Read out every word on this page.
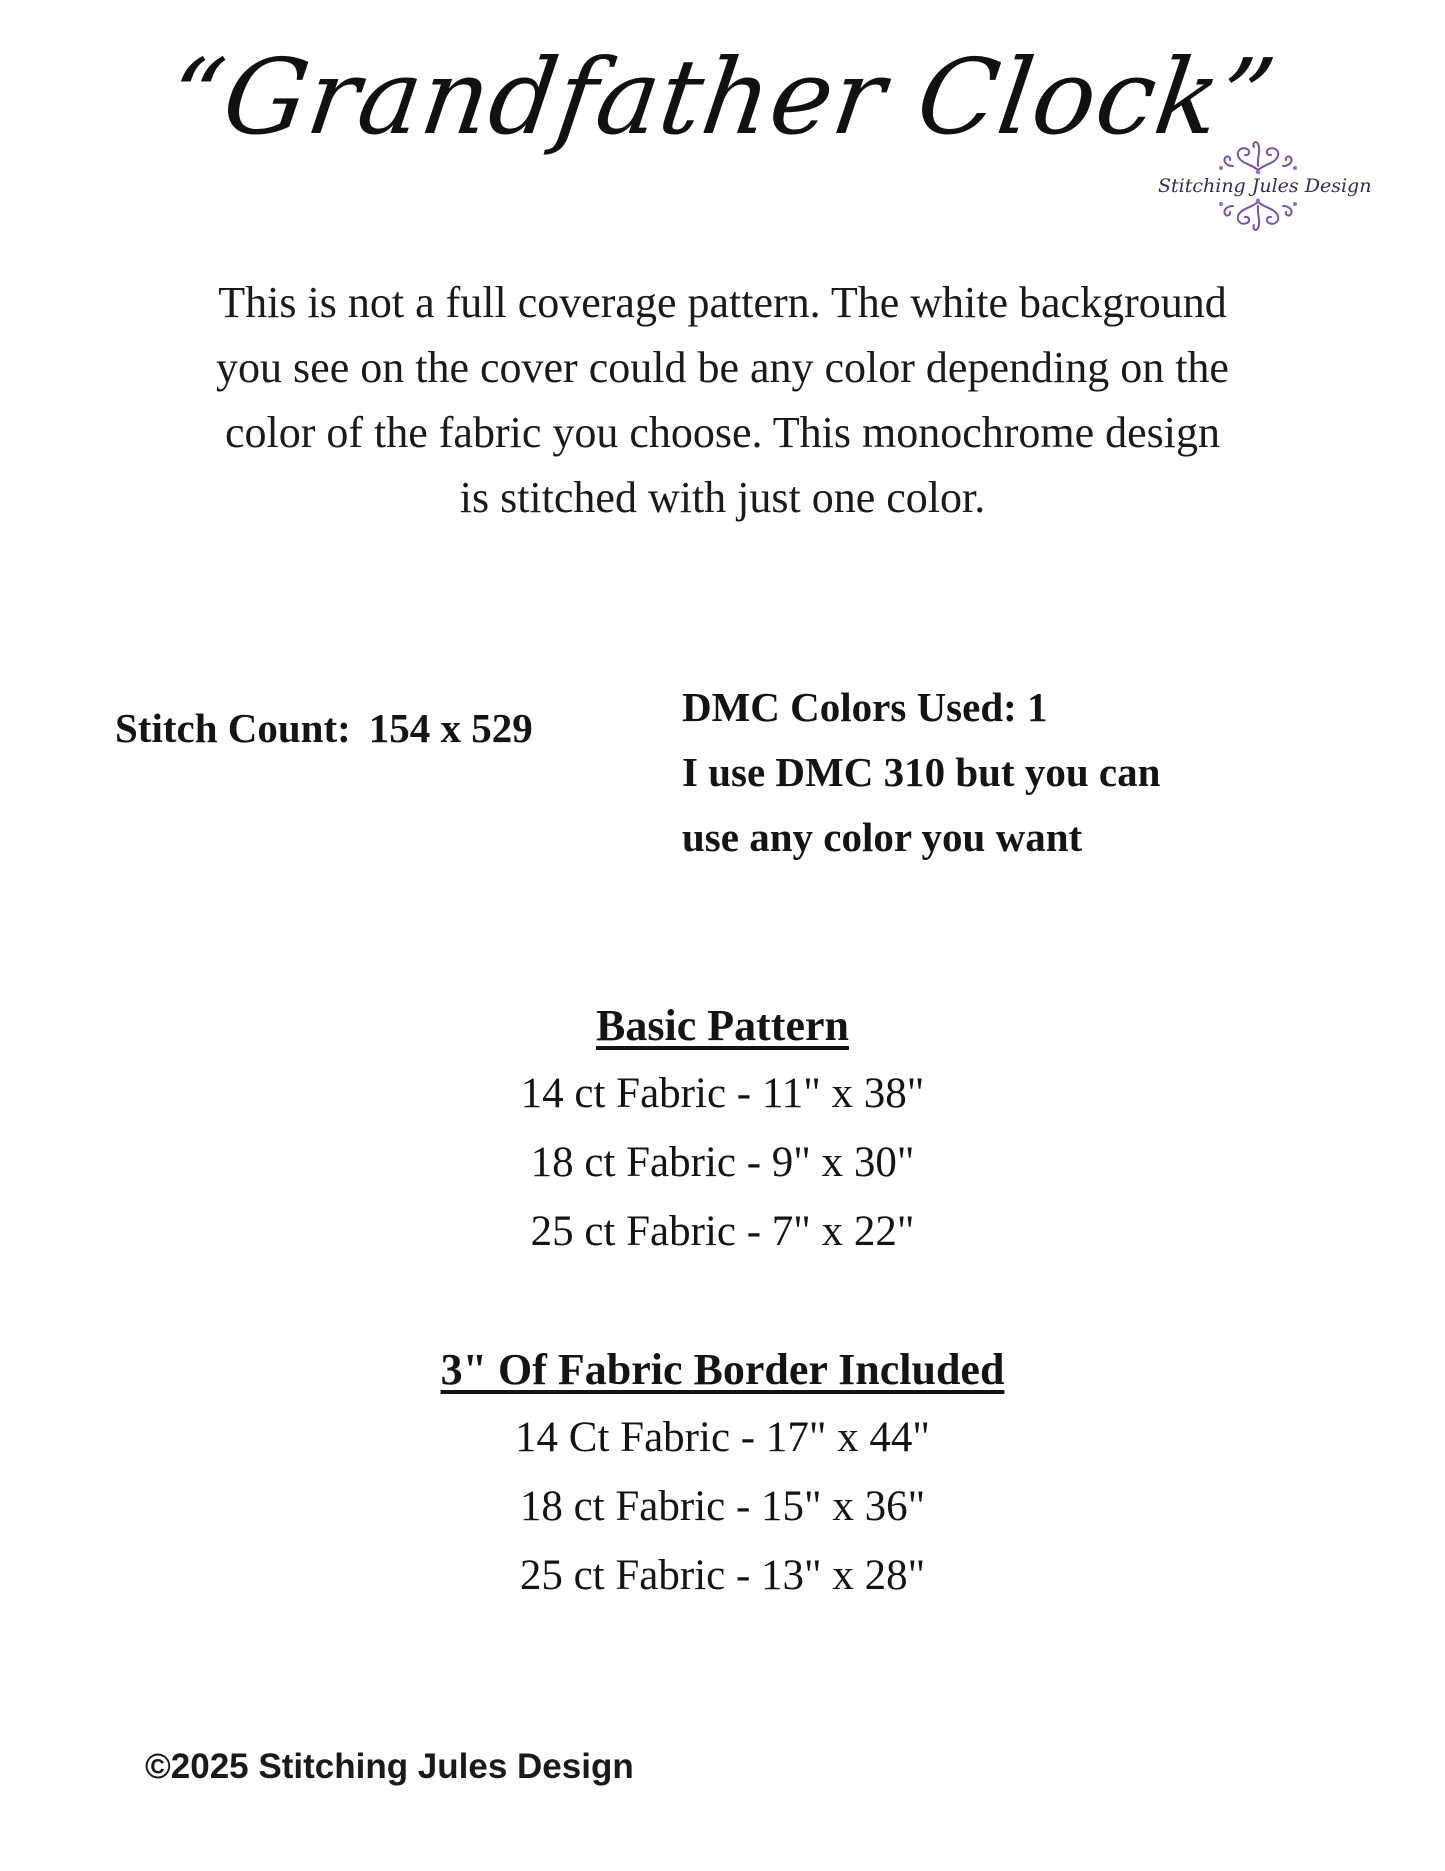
“Grandfather Clock”
Stitching Jules Design
This is not a full coverage pattern. The white background
you see on the cover could be any color depending on the
color of the fabric you choose. This monochrome design
is stitched with just one color.
Stitch Count: 154 x 529	DMC Colors Used: 1
I use DMC 310 but you can
use any color you want
Basic Pattern
14 ct Fabric - 11" x 38"
18 ct Fabric - 9" x 30"
25 ct Fabric - 7" x 22"
3" Of Fabric Border Included
14 Ct Fabric - 17" x 44"
18 ct Fabric - 15" x 36"
25 ct Fabric - 13" x 28"
©2025 Stitching Jules Design
